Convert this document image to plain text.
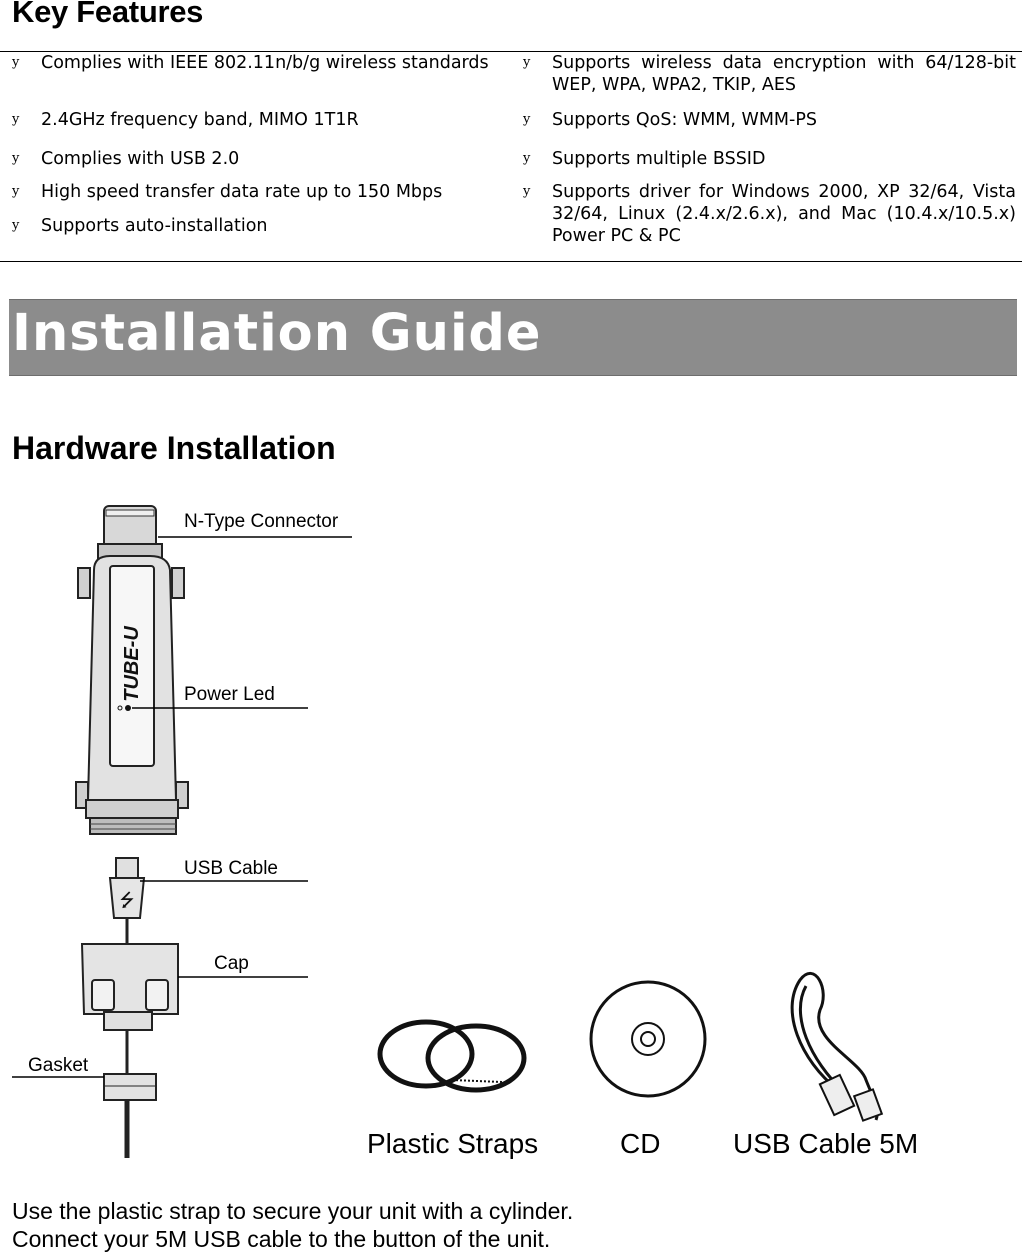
Key Features
y Complies with IEEE 802.11n/b/g wireless standards
y 2.4GHz frequency band, MIMO 1T1R
y Complies with USB 2.0
y High speed transfer data rate up to 150 Mbps
y Supports auto-installation
y Supports wireless data encryption with 64/128-bit WEP, WPA, WPA2, TKIP, AES
y Supports QoS: WMM, WMM-PS
y Supports multiple BSSID
y Supports driver for Windows 2000, XP 32/64, Vista 32/64, Linux (2.4.x/2.6.x), and Mac (10.4.x/10.5.x) Power PC & PC
Installation Guide
Hardware Installation
TUBE-U
⭍
N-Type Connector
Power Led
USB Cable
Cap
Gasket
Plastic Straps	CD	USB Cable 5M
Use the plastic strap to secure your unit with a cylinder.
Connect your 5M USB cable to the button of the unit.
